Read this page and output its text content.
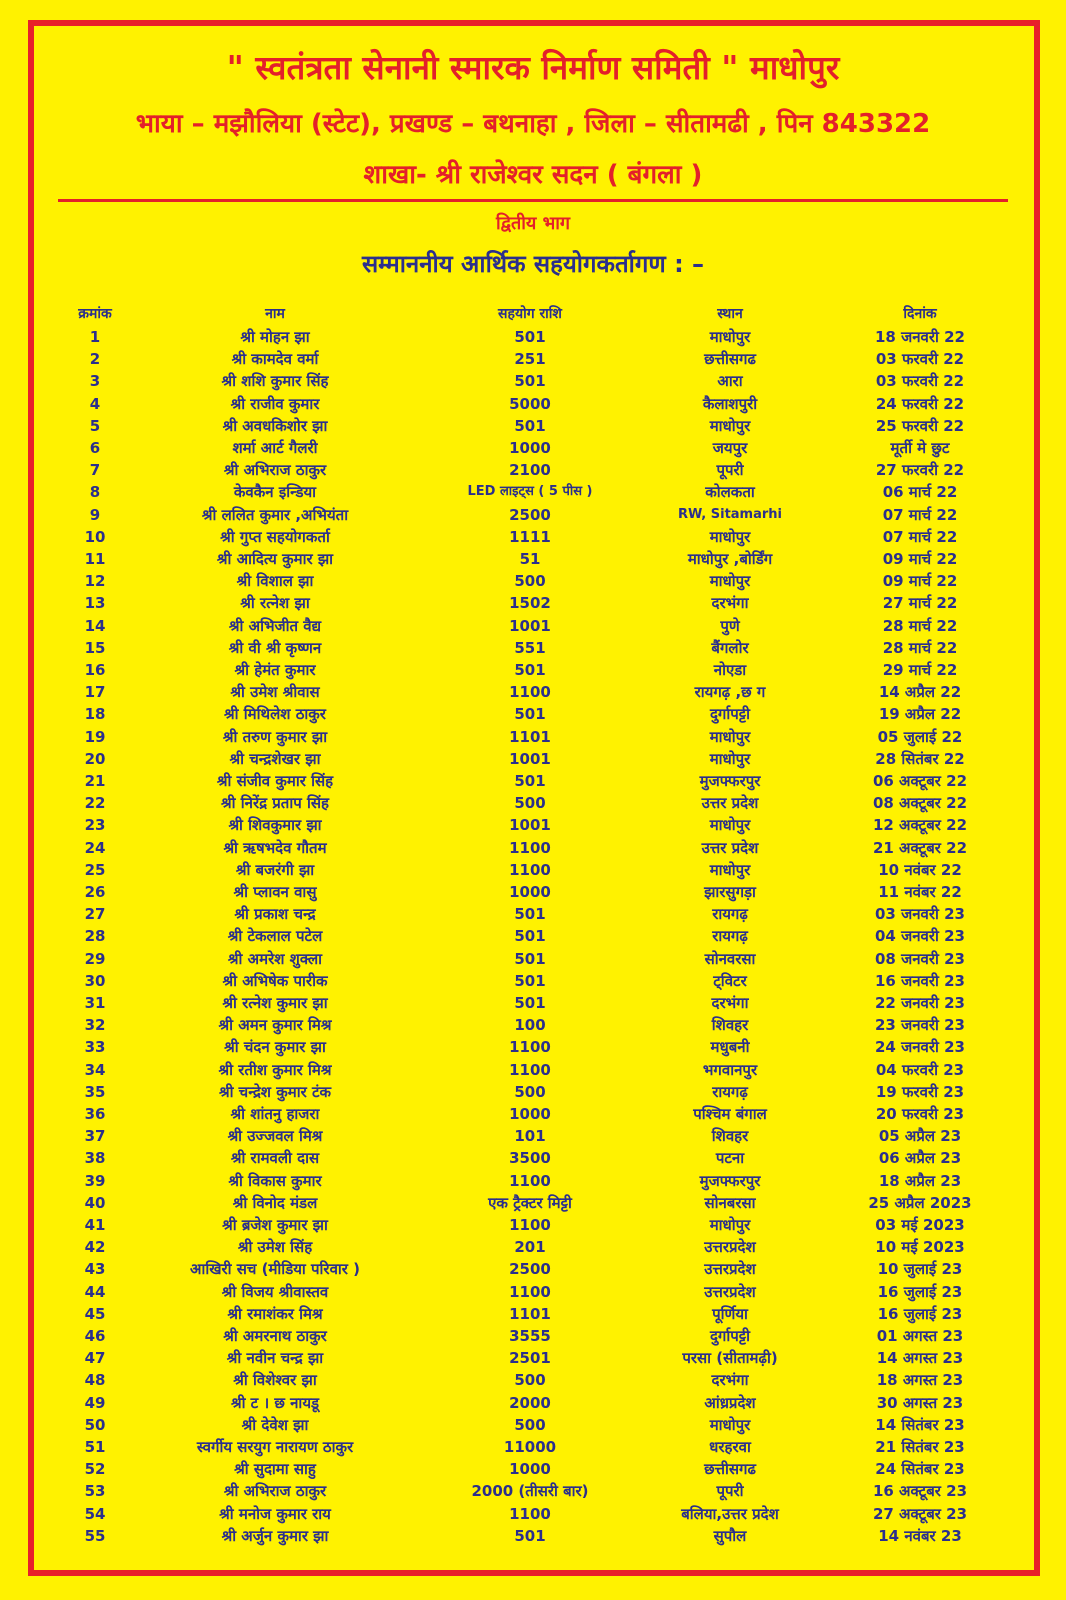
" स्वतंत्रता सेनानी स्मारक निर्माण समिती " माधोपुर
भाया – मझौलिया (स्टेट), प्रखण्ड – बथनाहा , जिला – सीतामढी , पिन 843322
शाखा- श्री राजेश्वर सदन ( बंगला )
द्वितीय भाग
सम्माननीय आर्थिक सहयोगकर्तागण : –
क्रमांक	नाम	सहयोग राशि	स्थान	दिनांक
1	श्री मोहन झा	501	माधोपुर	18 जनवरी 22
2	श्री कामदेव वर्मा	251	छत्तीसगढ	03 फरवरी 22
3	श्री शशि कुमार सिंह	501	आरा	03 फरवरी 22
4	श्री राजीव कुमार	5000	कैलाशपुरी	24 फरवरी 22
5	श्री अवधकिशोर झा	501	माधोपुर	25 फरवरी 22
6	शर्मा आर्ट गैलरी	1000	जयपुर	मूर्ती मे छुट
7	श्री अभिराज ठाकुर	2100	पूपरी	27 फरवरी 22
8	केवकैन इन्डिया	LED लाइट्स ( 5 पीस )	कोलकता	06 मार्च 22
9	श्री ललित कुमार ,अभियंता	2500	RW, Sitamarhi	07 मार्च 22
10	श्री गुप्त सहयोगकर्ता	1111	माधोपुर	07 मार्च 22
11	श्री आदित्य कुमार झा	51	माधोपुर ,बोर्डिंग	09 मार्च 22
12	श्री विशाल झा	500	माधोपुर	09 मार्च 22
13	श्री रत्नेश झा	1502	दरभंगा	27 मार्च 22
14	श्री अभिजीत वैद्य	1001	पुणे	28 मार्च 22
15	श्री वी श्री कृष्णन	551	बैंगलोर	28 मार्च 22
16	श्री हेमंत कुमार	501	नोएडा	29 मार्च 22
17	श्री उमेश श्रीवास	1100	रायगढ़ ,छ ग	14 अप्रैल 22
18	श्री मिथिलेश ठाकुर	501	दुर्गापट्टी	19 अप्रैल 22
19	श्री तरुण कुमार झा	1101	माधोपुर	05 जुलाई 22
20	श्री चन्द्रशेखर झा	1001	माधोपुर	28 सितंबर 22
21	श्री संजीव कुमार सिंह	501	मुजफ्फरपुर	06 अक्टूबर 22
22	श्री निरेंद्र प्रताप सिंह	500	उत्तर प्रदेश	08 अक्टूबर 22
23	श्री शिवकुमार झा	1001	माधोपुर	12 अक्टूबर 22
24	श्री ऋषभदेव गौतम	1100	उत्तर प्रदेश	21 अक्टूबर 22
25	श्री बजरंगी झा	1100	माधोपुर	10 नवंबर 22
26	श्री प्लावन वासु	1000	झारसुगड़ा	11 नवंबर 22
27	श्री प्रकाश चन्द्र	501	रायगढ़	03 जनवरी 23
28	श्री टेकलाल पटेल	501	रायगढ़	04 जनवरी 23
29	श्री अमरेश शुक्ला	501	सोनवरसा	08 जनवरी 23
30	श्री अभिषेक पारीक	501	ट्विटर	16 जनवरी 23
31	श्री रत्नेश कुमार झा	501	दरभंगा	22 जनवरी 23
32	श्री अमन कुमार मिश्र	100	शिवहर	23 जनवरी 23
33	श्री चंदन कुमार झा	1100	मधुबनी	24 जनवरी 23
34	श्री रतीश कुमार मिश्र	1100	भगवानपुर	04 फरवरी 23
35	श्री चन्द्रेश कुमार टंक	500	रायगढ़	19 फरवरी 23
36	श्री शांतनु हाजरा	1000	पश्चिम बंगाल	20 फरवरी 23
37	श्री उज्जवल मिश्र	101	शिवहर	05 अप्रैल 23
38	श्री रामवली दास	3500	पटना	06 अप्रैल 23
39	श्री विकास कुमार	1100	मुजफ्फरपुर	18 अप्रैल 23
40	श्री विनोद मंडल	एक ट्रैक्टर मिट्टी	सोनबरसा	25 अप्रैल 2023
41	श्री ब्रजेश कुमार झा	1100	माधोपुर	03 मई 2023
42	श्री उमेश सिंह	201	उत्तरप्रदेश	10 मई 2023
43	आखिरी सच (मीडिया परिवार )	2500	उत्तरप्रदेश	10 जुलाई 23
44	श्री विजय श्रीवास्तव	1100	उत्तरप्रदेश	16 जुलाई 23
45	श्री रमाशंकर मिश्र	1101	पूर्णिया	16 जुलाई 23
46	श्री अमरनाथ ठाकुर	3555	दुर्गापट्टी	01 अगस्त 23
47	श्री नवीन चन्द्र झा	2501	परसा (सीतामढ़ी)	14 अगस्त 23
48	श्री विशेश्वर झा	500	दरभंगा	18 अगस्त 23
49	श्री ट । छ नायडू	2000	आंध्रप्रदेश	30 अगस्त 23
50	श्री देवेश झा	500	माधोपुर	14 सितंबर 23
51	स्वर्गीय सरयुग नारायण ठाकुर	11000	धरहरवा	21 सितंबर 23
52	श्री सुदामा साहु	1000	छत्तीसगढ	24 सितंबर 23
53	श्री अभिराज ठाकुर	2000 (तीसरी बार)	पूपरी	16 अक्टूबर 23
54	श्री मनोज कुमार राय	1100	बलिया,उत्तर प्रदेश	27 अक्टूबर 23
55	श्री अर्जुन कुमार झा	501	सुपौल	14 नवंबर 23
